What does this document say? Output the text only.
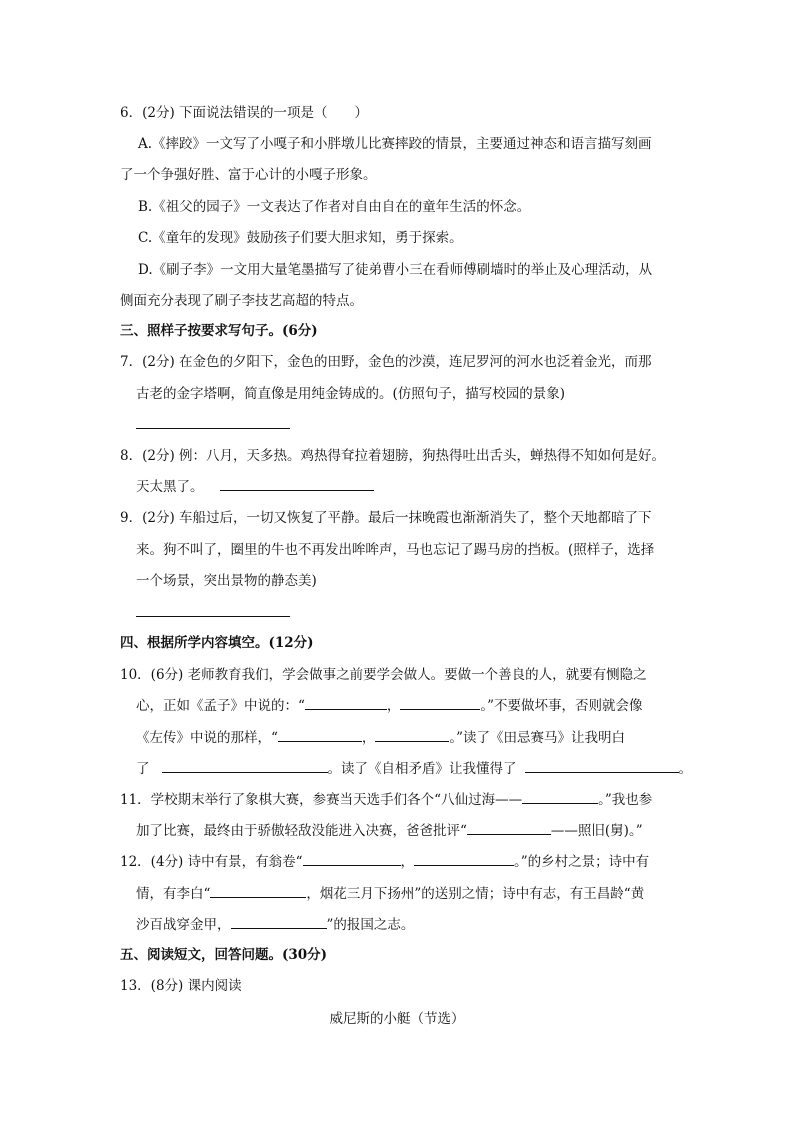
6．(2分) 下面说法错误的一项是（　　）
A.《摔跤》一文写了小嘎子和小胖墩儿比赛摔跤的情景，主要通过神态和语言描写刻画
了一个争强好胜、富于心计的小嘎子形象。
B.《祖父的园子》一文表达了作者对自由自在的童年生活的怀念。
C.《童年的发现》鼓励孩子们要大胆求知，勇于探索。
D.《刷子李》一文用大量笔墨描写了徒弟曹小三在看师傅刷墙时的举止及心理活动，从
侧面充分表现了刷子李技艺高超的特点。
三、照样子按要求写句子。(6分)
7．(2分) 在金色的夕阳下，金色的田野，金色的沙漠，连尼罗河的河水也泛着金光，而那
古老的金字塔啊，简直像是用纯金铸成的。(仿照句子，描写校园的景象)
8．(2分) 例：八月，天多热。鸡热得耷拉着翅膀，狗热得吐出舌头，蝉热得不知如何是好。
天太黑了。
9．(2分) 车船过后，一切又恢复了平静。最后一抹晚霞也渐渐消失了，整个天地都暗了下
来。狗不叫了，圈里的牛也不再发出哞哞声，马也忘记了踢马房的挡板。(照样子，选择
一个场景，突出景物的静态美)
四、根据所学内容填空。(12分)
10．(6分) 老师教育我们，学会做事之前要学会做人。要做一个善良的人，就要有恻隐之
心，正如《孟子》中说的：“	，	。”不要做坏事，否则就会像
《左传》中说的那样，“	，	。”读了《田忌赛马》让我明白
了	。读了《自相矛盾》让我懂得了	。
11．学校期末举行了象棋大赛，参赛当天选手们各个“八仙过海——	。”我也参
加了比赛，最终由于骄傲轻敌没能进入决赛，爸爸批评“	——照旧(舅)。”
12．(4分) 诗中有景，有翁卷“	，	。”的乡村之景；诗中有
情，有李白“	，烟花三月下扬州”的送别之情；诗中有志，有王昌龄“黄
沙百战穿金甲，	”的报国之志。
五、阅读短文，回答问题。(30分)
13．(8分) 课内阅读
威尼斯的小艇（节选）
